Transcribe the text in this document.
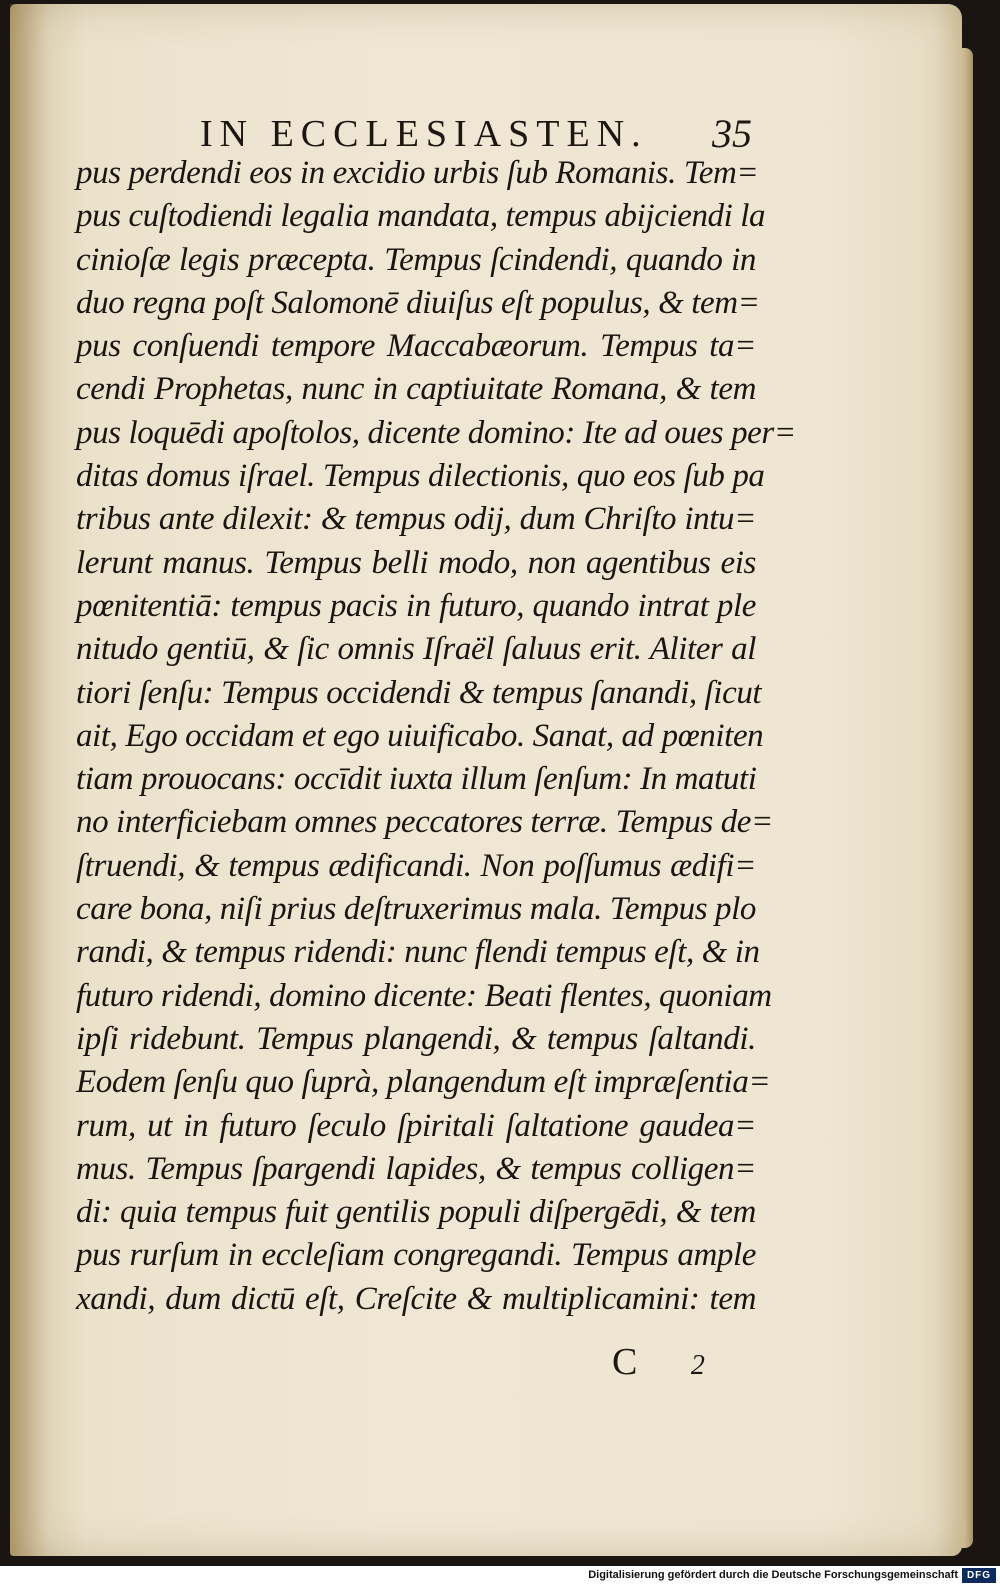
IN ECCLESIASTEN.	35
pus perdendi eos in excidio urbis ſub Romanis. Tem=
pus cuſtodiendi legalia mandata, tempus abijciendi la
cinioſæ legis præcepta. Tempus ſcindendi, quando in
duo regna poſt Salomonē diuiſus eſt populus, & tem=
pus conſuendi tempore Maccabæorum. Tempus ta=
cendi Prophetas, nunc in captiuitate Romana, & tem
pus loquēdi apoſtolos, dicente domino: Ite ad oues per=
ditas domus iſrael. Tempus dilectionis, quo eos ſub pa
tribus ante dilexit: & tempus odij, dum Chriſto intu=
lerunt manus. Tempus belli modo, non agentibus eis
pœnitentiā: tempus pacis in futuro, quando intrat ple
nitudo gentiū, & ſic omnis Iſraël ſaluus erit. Aliter al
tiori ſenſu: Tempus occidendi & tempus ſanandi, ſicut
ait, Ego occidam et ego uiuificabo. Sanat, ad pœniten
tiam prouocans: occīdit iuxta illum ſenſum: In matuti
no interficiebam omnes peccatores terræ. Tempus de=
ſtruendi, & tempus ædificandi. Non poſſumus ædifi=
care bona, niſi prius deſtruxerimus mala. Tempus plo
randi, & tempus ridendi: nunc flendi tempus eſt, & in
futuro ridendi, domino dicente: Beati flentes, quoniam
ipſi ridebunt. Tempus plangendi, & tempus ſaltandi.
Eodem ſenſu quo ſuprà, plangendum eſt impræſentia=
rum, ut in futuro ſeculo ſpiritali ſaltatione gaudea=
mus. Tempus ſpargendi lapides, & tempus colligen=
di: quia tempus fuit gentilis populi diſpergēdi, & tem
pus rurſum in eccleſiam congregandi. Tempus ample
xandi, dum dictū eſt, Creſcite & multiplicamini: tem
C 2
Digitalisierung gefördert durch die Deutsche Forschungsgemeinschaft DFG
